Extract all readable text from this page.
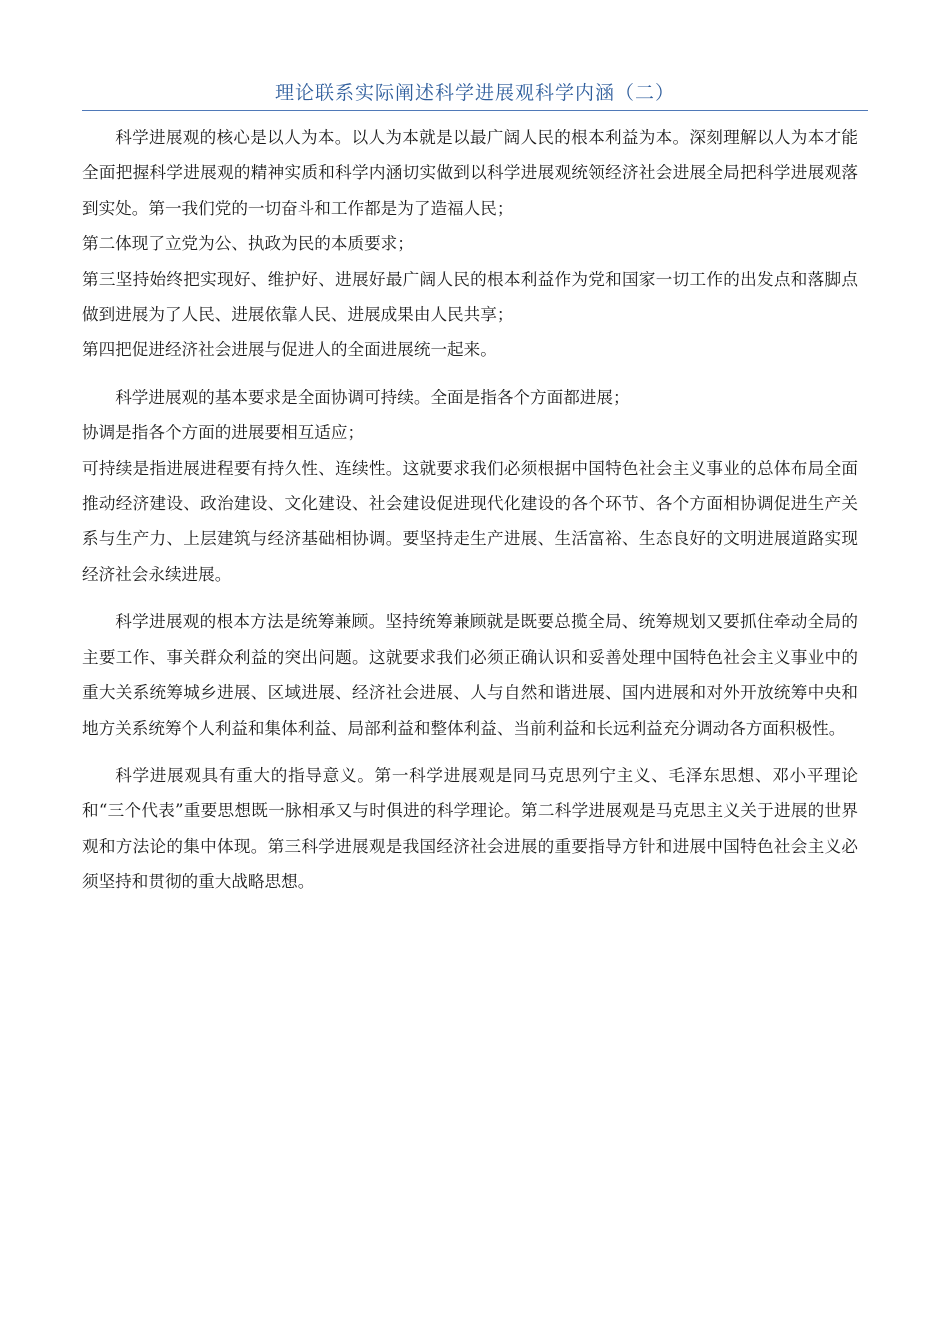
理论联系实际阐述科学进展观科学内涵（二）

科学进展观的核心是以人为本。以人为本就是以最广阔人民的根本利益为本。深刻理解以人为本才能全面把握科学进展观的精神实质和科学内涵切实做到以科学进展观统领经济社会进展全局把科学进展观落到实处。第一我们党的一切奋斗和工作都是为了造福人民；

第二体现了立党为公、执政为民的本质要求；

第三坚持始终把实现好、维护好、进展好最广阔人民的根本利益作为党和国家一切工作的出发点和落脚点做到进展为了人民、进展依靠人民、进展成果由人民共享；

第四把促进经济社会进展与促进人的全面进展统一起来。

科学进展观的基本要求是全面协调可持续。全面是指各个方面都进展；

协调是指各个方面的进展要相互适应；

可持续是指进展进程要有持久性、连续性。这就要求我们必须根据中国特色社会主义事业的总体布局全面推动经济建设、政治建设、文化建设、社会建设促进现代化建设的各个环节、各个方面相协调促进生产关系与生产力、上层建筑与经济基础相协调。要坚持走生产进展、生活富裕、生态良好的文明进展道路实现经济社会永续进展。

科学进展观的根本方法是统筹兼顾。坚持统筹兼顾就是既要总揽全局、统筹规划又要抓住牵动全局的主要工作、事关群众利益的突出问题。这就要求我们必须正确认识和妥善处理中国特色社会主义事业中的重大关系统筹城乡进展、区域进展、经济社会进展、人与自然和谐进展、国内进展和对外开放统筹中央和地方关系统筹个人利益和集体利益、局部利益和整体利益、当前利益和长远利益充分调动各方面积极性。

科学进展观具有重大的指导意义。第一科学进展观是同马克思列宁主义、毛泽东思想、邓小平理论和“三个代表”重要思想既一脉相承又与时俱进的科学理论。第二科学进展观是马克思主义关于进展的世界观和方法论的集中体现。第三科学进展观是我国经济社会进展的重要指导方针和进展中国特色社会主义必须坚持和贯彻的重大战略思想。
